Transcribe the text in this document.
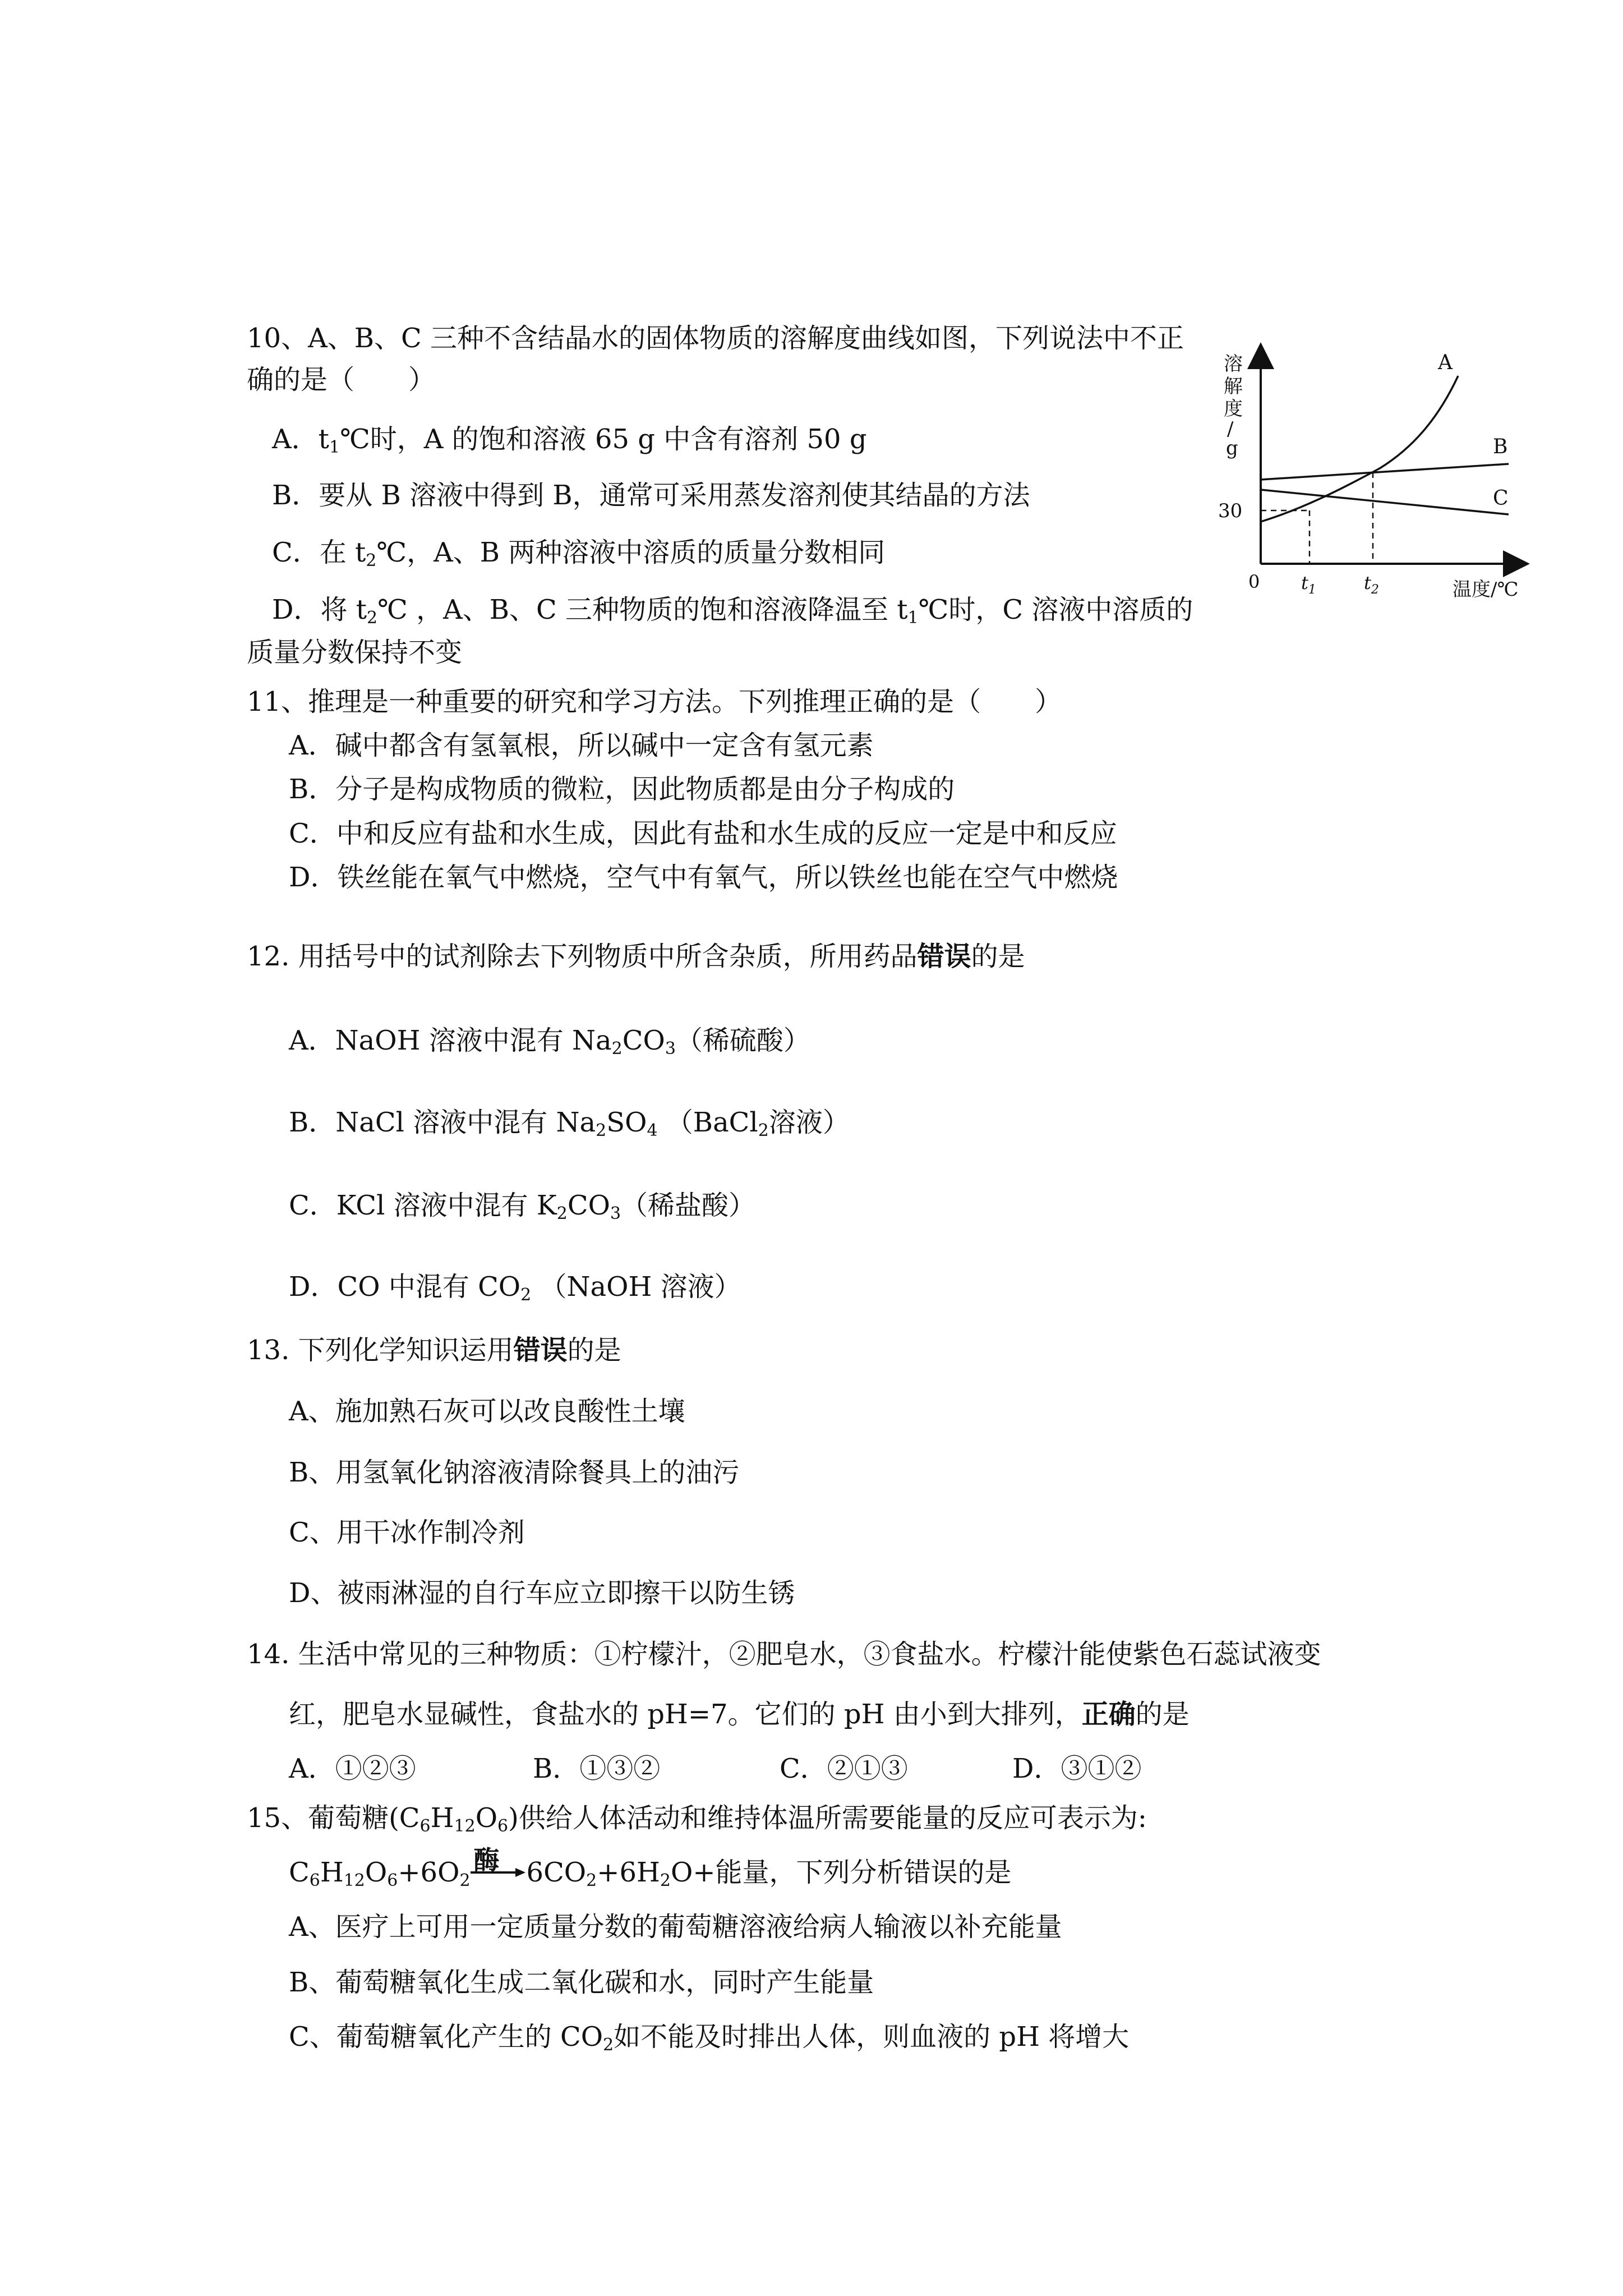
10、A、B、C 三种不含结晶水的固体物质的溶解度曲线如图，下列说法中不正
确的是（　　）
A．$t_1℃$时，A 的饱和溶液 65 g 中含有溶剂 50 g
B．要从 B 溶液中得到 B，通常可采用蒸发溶剂使其结晶的方法
C．在 $t_2℃$，A、B 两种溶液中溶质的质量分数相同
D．将 $t_2℃$ ，A、B、C 三种物质的饱和溶液降温至 $t_1℃$时，C 溶液中溶质的
质量分数保持不变
溶
解
度
/
g
30
0 $t_1$	$t_2$	温度/℃
A
B
C
11、推理是一种重要的研究和学习方法。下列推理正确的是（　　）
A．碱中都含有氢氧根，所以碱中一定含有氢元素
B．分子是构成物质的微粒，因此物质都是由分子构成的
C．中和反应有盐和水生成，因此有盐和水生成的反应一定是中和反应
D．铁丝能在氧气中燃烧，空气中有氧气，所以铁丝也能在空气中燃烧
12. 用括号中的试剂除去下列物质中所含杂质，所用药品错误的是
A．NaOH 溶液中混有 $Na_2CO_3$（稀硫酸）
B．NaCl 溶液中混有 $Na_2SO_4$ （BaCl$_2$溶液）
C．KCl 溶液中混有 $K_2CO_3$（稀盐酸）
D．CO 中混有 $CO_2$ （NaOH 溶液）
13. 下列化学知识运用错误的是
A、施加熟石灰可以改良酸性土壤
B、用氢氧化钠溶液清除餐具上的油污
C、用干冰作制冷剂
D、被雨淋湿的自行车应立即擦干以防生锈
14. 生活中常见的三种物质：①柠檬汁，②肥皂水，③食盐水。柠檬汁能使紫色石蕊试液变
红，肥皂水显碱性，食盐水的 pH=7。它们的 pH 由小到大排列，正确的是
A．①②③	B．①③②	C．②①③	D．③①②
15、葡萄糖$(C_6H_{12}O_6)$供给人体活动和维持体温所需要能量的反应可表示为:
$C_6H_{12}O_6+6O_2$
酶 $6CO_2+6H_2O+$能量，下列分析错误的是
A、医疗上可用一定质量分数的葡萄糖溶液给病人输液以补充能量
B、葡萄糖氧化生成二氧化碳和水，同时产生能量
C、葡萄糖氧化产生的 $CO_2$如不能及时排出人体，则血液的 pH 将增大
